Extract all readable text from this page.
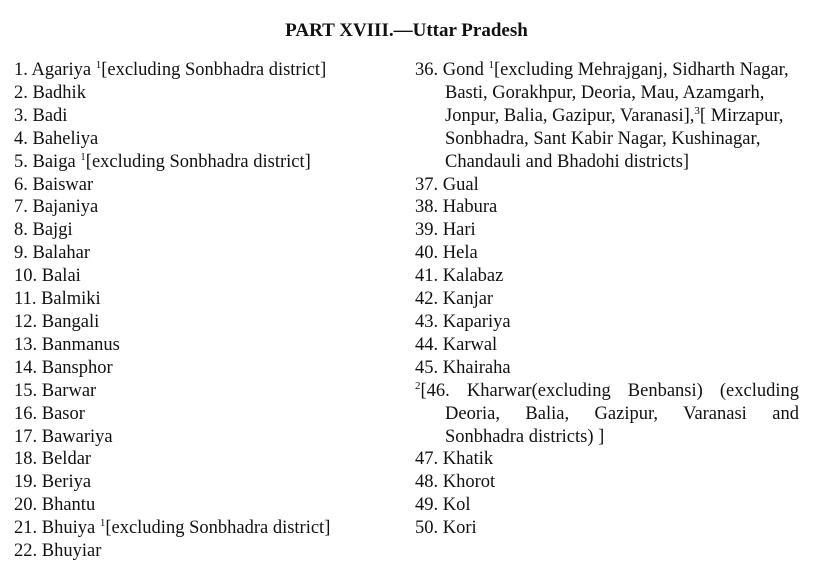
PART XVIII.—Uttar Pradesh
1. Agariya $^1$[excluding Sonbhadra district]
2. Badhik
3. Badi
4. Baheliya
5. Baiga $^1$[excluding Sonbhadra district]
6. Baiswar
7. Bajaniya
8. Bajgi
9. Balahar
10. Balai
11. Balmiki
12. Bangali
13. Banmanus
14. Bansphor
15. Barwar
16. Basor
17. Bawariya
18. Beldar
19. Beriya
20. Bhantu
21. Bhuiya $^1$[excluding Sonbhadra district]
22. Bhuyiar
36. Gond $^1$[excluding Mehrajganj, Sidharth Nagar, Basti, Gorakhpur, Deoria, Mau, Azamgarh, Jonpur, Balia, Gazipur, Varanasi],$^3$[ Mirzapur, Sonbhadra, Sant Kabir Nagar, Kushinagar, Chandauli and Bhadohi districts]
37. Gual
38. Habura
39. Hari
40. Hela
41. Kalabaz
42. Kanjar
43. Kapariya
44. Karwal
45. Khairaha
$^2$[46. Kharwar(excluding Benbansi) (excluding Deoria, Balia, Gazipur, Varanasi and Sonbhadra districts) ]
47. Khatik
48. Khorot
49. Kol
50. Kori
